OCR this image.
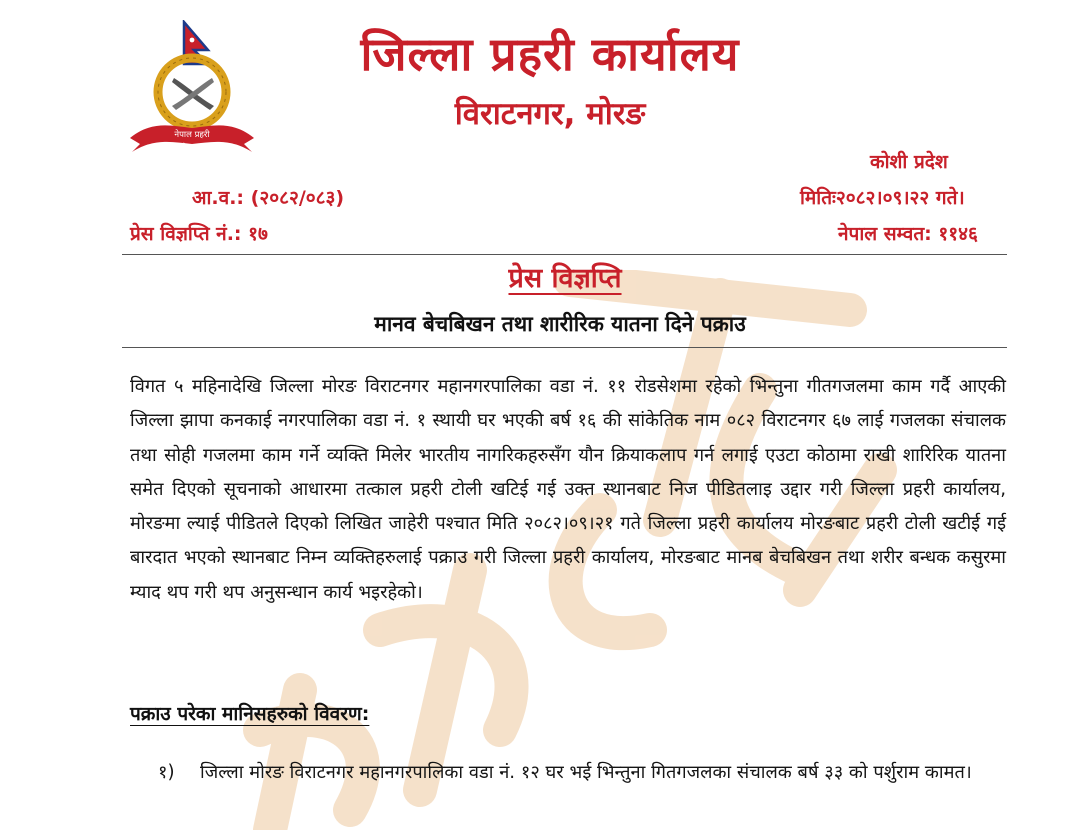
नेपाल प्रहरी
सत्य सेवा सुरक्षणम्
जिल्ला प्रहरी कार्यालय
विराटनगर, मोरङ
कोशी प्रदेश
आ.व.: (२०८२/०८३)	मितिः२०८२।०९।२२ गते।
प्रेस विज्ञप्ति नं.: १७	नेपाल सम्वत: ११४६
प्रेस विज्ञप्ति
मानव बेचबिखन तथा शारीरिक यातना दिने पक्राउ
विगत ५ महिनादेखि जिल्ला मोरङ विराटनगर महानगरपालिका वडा नं. ११ रोडसेशमा रहेको भिन्तुना गीतगजलमा काम गर्दै आएकी जिल्ला झापा कनकाई नगरपालिका वडा नं. १ स्थायी घर भएकी बर्ष १६ की सांकेतिक नाम ०८२ विराटनगर ६७ लाई गजलका संचालक तथा सोही गजलमा काम गर्ने व्यक्ति मिलेर भारतीय नागरिकहरुसँग यौन क्रियाकलाप गर्न लगाई एउटा कोठामा राखी शारिरिक यातना समेत दिएको सूचनाको आधारमा तत्काल प्रहरी टोली खटिई गई उक्त स्थानबाट निज पीडितलाइ उद्दार गरी जिल्ला प्रहरी कार्यालय, मोरङमा ल्याई पीडितले दिएको लिखित जाहेरी पश्चात मिति २०८२।०९।२१ गते जिल्ला प्रहरी कार्यालय मोरङबाट प्रहरी टोली खटीई गई बारदात भएको स्थानबाट निम्न व्यक्तिहरुलाई पक्राउ गरी जिल्ला प्रहरी कार्यालय, मोरङबाट मानब बेचबिखन तथा शरीर बन्धक कसुरमा म्याद थप गरी थप अनुसन्धान कार्य भइरहेको।
पक्राउ परेका मानिसहरुको विवरण:
१)	जिल्ला मोरङ विराटनगर महानगरपालिका वडा नं. १२ घर भई भिन्तुना गितगजलका संचालक बर्ष ३३ को पर्शुराम कामत।
